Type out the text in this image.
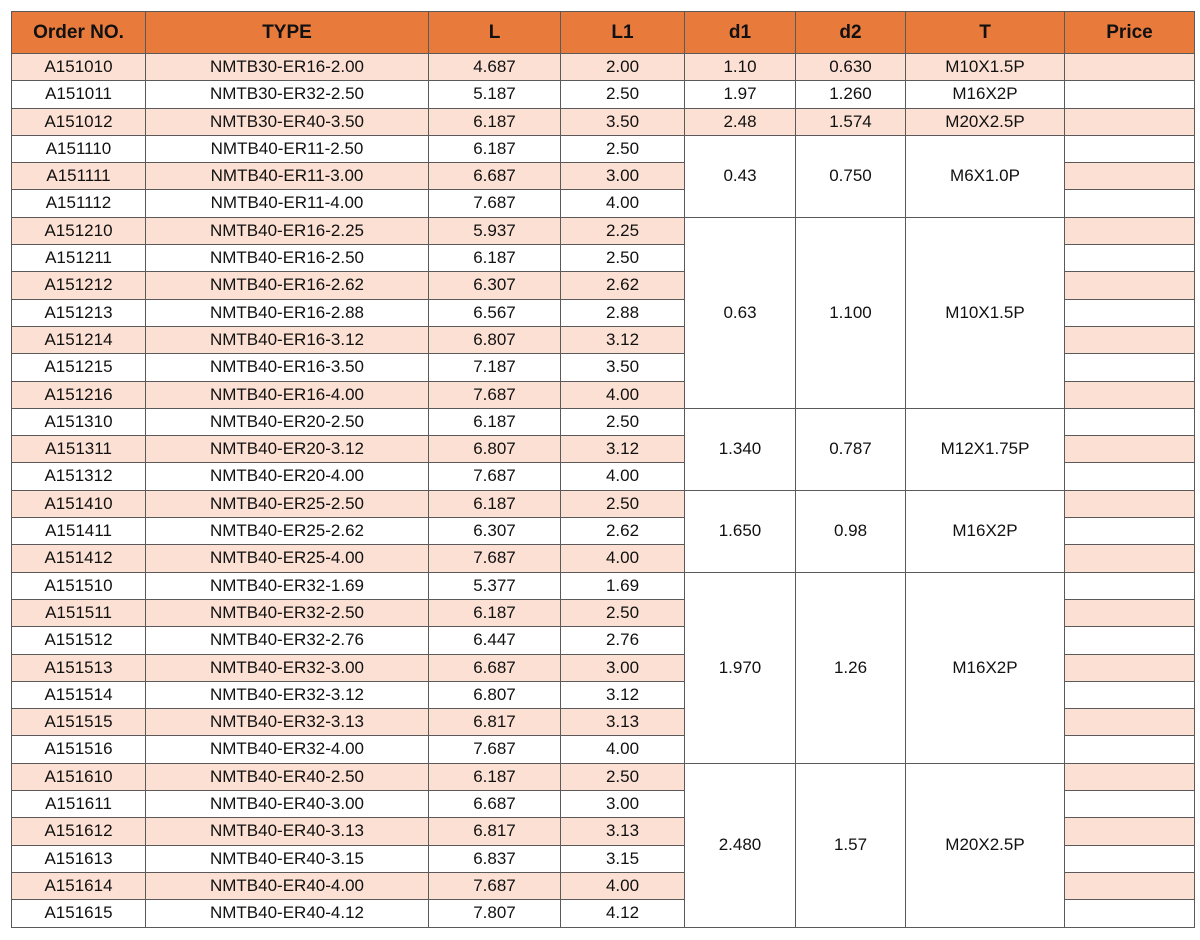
Order NO.	TYPE	L	L1	d1	d2	T	Price
A151010	NMTB30-ER16-2.00	4.687	2.00	1.10	0.630	M10X1.5P	
A151011	NMTB30-ER32-2.50	5.187	2.50	1.97	1.260	M16X2P	
A151012	NMTB30-ER40-3.50	6.187	3.50	2.48	1.574	M20X2.5P	
A151110	NMTB40-ER11-2.50	6.187	2.50	0.43	0.750	M6X1.0P	
A151111	NMTB40-ER11-3.00	6.687	3.00				
A151112	NMTB40-ER11-4.00	7.687	4.00				
A151210	NMTB40-ER16-2.25	5.937	2.25	0.63	1.100	M10X1.5P	
A151211	NMTB40-ER16-2.50	6.187	2.50				
A151212	NMTB40-ER16-2.62	6.307	2.62				
A151213	NMTB40-ER16-2.88	6.567	2.88				
A151214	NMTB40-ER16-3.12	6.807	3.12				
A151215	NMTB40-ER16-3.50	7.187	3.50				
A151216	NMTB40-ER16-4.00	7.687	4.00				
A151310	NMTB40-ER20-2.50	6.187	2.50	1.340	0.787	M12X1.75P	
A151311	NMTB40-ER20-3.12	6.807	3.12				
A151312	NMTB40-ER20-4.00	7.687	4.00				
A151410	NMTB40-ER25-2.50	6.187	2.50	1.650	0.98	M16X2P	
A151411	NMTB40-ER25-2.62	6.307	2.62				
A151412	NMTB40-ER25-4.00	7.687	4.00				
A151510	NMTB40-ER32-1.69	5.377	1.69	1.970	1.26	M16X2P	
A151511	NMTB40-ER32-2.50	6.187	2.50				
A151512	NMTB40-ER32-2.76	6.447	2.76				
A151513	NMTB40-ER32-3.00	6.687	3.00				
A151514	NMTB40-ER32-3.12	6.807	3.12				
A151515	NMTB40-ER32-3.13	6.817	3.13				
A151516	NMTB40-ER32-4.00	7.687	4.00				
A151610	NMTB40-ER40-2.50	6.187	2.50	2.480	1.57	M20X2.5P	
A151611	NMTB40-ER40-3.00	6.687	3.00				
A151612	NMTB40-ER40-3.13	6.817	3.13				
A151613	NMTB40-ER40-3.15	6.837	3.15				
A151614	NMTB40-ER40-4.00	7.687	4.00				
A151615	NMTB40-ER40-4.12	7.807	4.12				
